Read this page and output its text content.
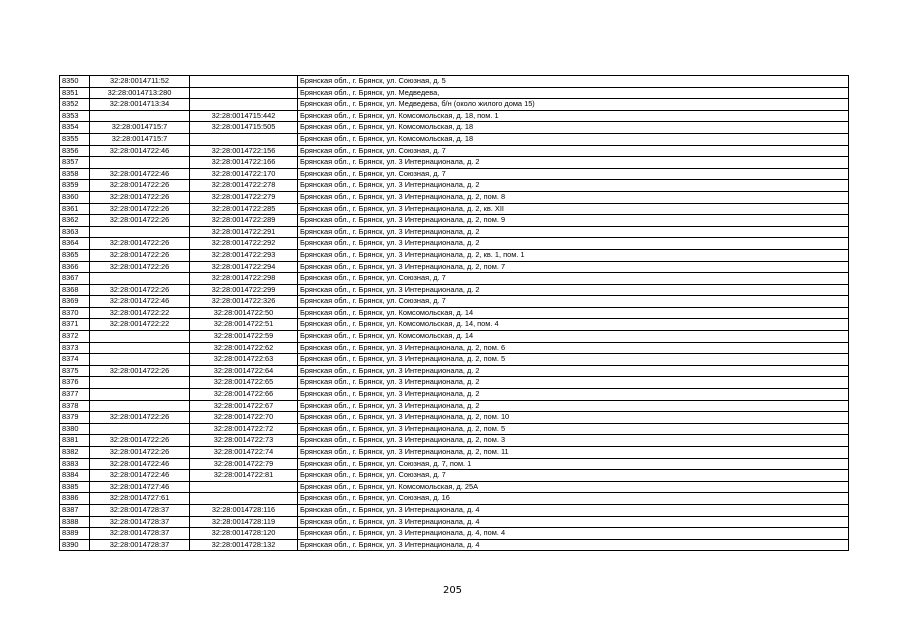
8350	32:28:0014711:52		Брянская обл., г. Брянск, ул. Союзная, д. 5
8351	32:28:0014713:280		Брянская обл., г. Брянск, ул. Медведева,
8352	32:28:0014713:34		Брянская обл., г. Брянск, ул. Медведева, б/н (около жилого дома 15)
8353		32:28:0014715:442	Брянская обл., г. Брянск, ул. Комсомольская, д. 18, пом. 1
8354	32:28:0014715:7	32:28:0014715:505	Брянская обл., г. Брянск, ул. Комсомольская, д. 18
8355	32:28:0014715:7		Брянская обл., г. Брянск, ул. Комсомольская, д. 18
8356	32:28:0014722:46	32:28:0014722:156	Брянская обл., г. Брянск, ул. Союзная, д. 7
8357		32:28:0014722:166	Брянская обл., г. Брянск, ул. 3 Интернационала, д. 2
8358	32:28:0014722:46	32:28:0014722:170	Брянская обл., г. Брянск, ул. Союзная, д. 7
8359	32:28:0014722:26	32:28:0014722:278	Брянская обл., г. Брянск, ул. 3 Интернационала, д. 2
8360	32:28:0014722:26	32:28:0014722:279	Брянская обл., г. Брянск, ул. 3 Интернационала, д. 2, пом. 8
8361	32:28:0014722:26	32:28:0014722:285	Брянская обл., г. Брянск, ул. 3 Интернационала, д. 2, кв. XII
8362	32:28:0014722:26	32:28:0014722:289	Брянская обл., г. Брянск, ул. 3 Интернационала, д. 2, пом. 9
8363		32:28:0014722:291	Брянская обл., г. Брянск, ул. 3 Интернационала, д. 2
8364	32:28:0014722:26	32:28:0014722:292	Брянская обл., г. Брянск, ул. 3 Интернационала, д. 2
8365	32:28:0014722:26	32:28:0014722:293	Брянская обл., г. Брянск, ул. 3 Интернационала, д. 2, кв. 1, пом. 1
8366	32:28:0014722:26	32:28:0014722:294	Брянская обл., г. Брянск, ул. 3 Интернационала, д. 2, пом. 7
8367		32:28:0014722:298	Брянская обл., г. Брянск, ул. Союзная, д. 7
8368	32:28:0014722:26	32:28:0014722:299	Брянская обл., г. Брянск, ул. 3 Интернационала, д. 2
8369	32:28:0014722:46	32:28:0014722:326	Брянская обл., г. Брянск, ул. Союзная, д. 7
8370	32:28:0014722:22	32:28:0014722:50	Брянская обл., г. Брянск, ул. Комсомольская, д. 14
8371	32:28:0014722:22	32:28:0014722:51	Брянская обл., г. Брянск, ул. Комсомольская, д. 14, пом. 4
8372		32:28:0014722:59	Брянская обл., г. Брянск, ул. Комсомольская, д. 14
8373		32:28:0014722:62	Брянская обл., г. Брянск, ул. 3 Интернационала, д. 2, пом. 6
8374		32:28:0014722:63	Брянская обл., г. Брянск, ул. 3 Интернационала, д. 2, пом. 5
8375	32:28:0014722:26	32:28:0014722:64	Брянская обл., г. Брянск, ул. 3 Интернационала, д. 2
8376		32:28:0014722:65	Брянская обл., г. Брянск, ул. 3 Интернационала, д. 2
8377		32:28:0014722:66	Брянская обл., г. Брянск, ул. 3 Интернационала, д. 2
8378		32:28:0014722:67	Брянская обл., г. Брянск, ул. 3 Интернационала, д. 2
8379	32:28:0014722:26	32:28:0014722:70	Брянская обл., г. Брянск, ул. 3 Интернационала, д. 2, пом. 10
8380		32:28:0014722:72	Брянская обл., г. Брянск, ул. 3 Интернационала, д. 2, пом. 5
8381	32:28:0014722:26	32:28:0014722:73	Брянская обл., г. Брянск, ул. 3 Интернационала, д. 2, пом. 3
8382	32:28:0014722:26	32:28:0014722:74	Брянская обл., г. Брянск, ул. 3 Интернационала, д. 2, пом. 11
8383	32:28:0014722:46	32:28:0014722:79	Брянская обл., г. Брянск, ул. Союзная, д. 7, пом. 1
8384	32:28:0014722:46	32:28:0014722:81	Брянская обл., г. Брянск, ул. Союзная, д. 7
8385	32:28:0014727:46		Брянская обл., г. Брянск, ул. Комсомольская, д. 25А
8386	32:28:0014727:61		Брянская обл., г. Брянск, ул. Союзная, д. 16
8387	32:28:0014728:37	32:28:0014728:116	Брянская обл., г. Брянск, ул. 3 Интернационала, д. 4
8388	32:28:0014728:37	32:28:0014728:119	Брянская обл., г. Брянск, ул. 3 Интернационала, д. 4
8389	32:28:0014728:37	32:28:0014728:120	Брянская обл., г. Брянск, ул. 3 Интернационала, д. 4, пом. 4
8390	32:28:0014728:37	32:28:0014728:132	Брянская обл., г. Брянск, ул. 3 Интернационала, д. 4
205
